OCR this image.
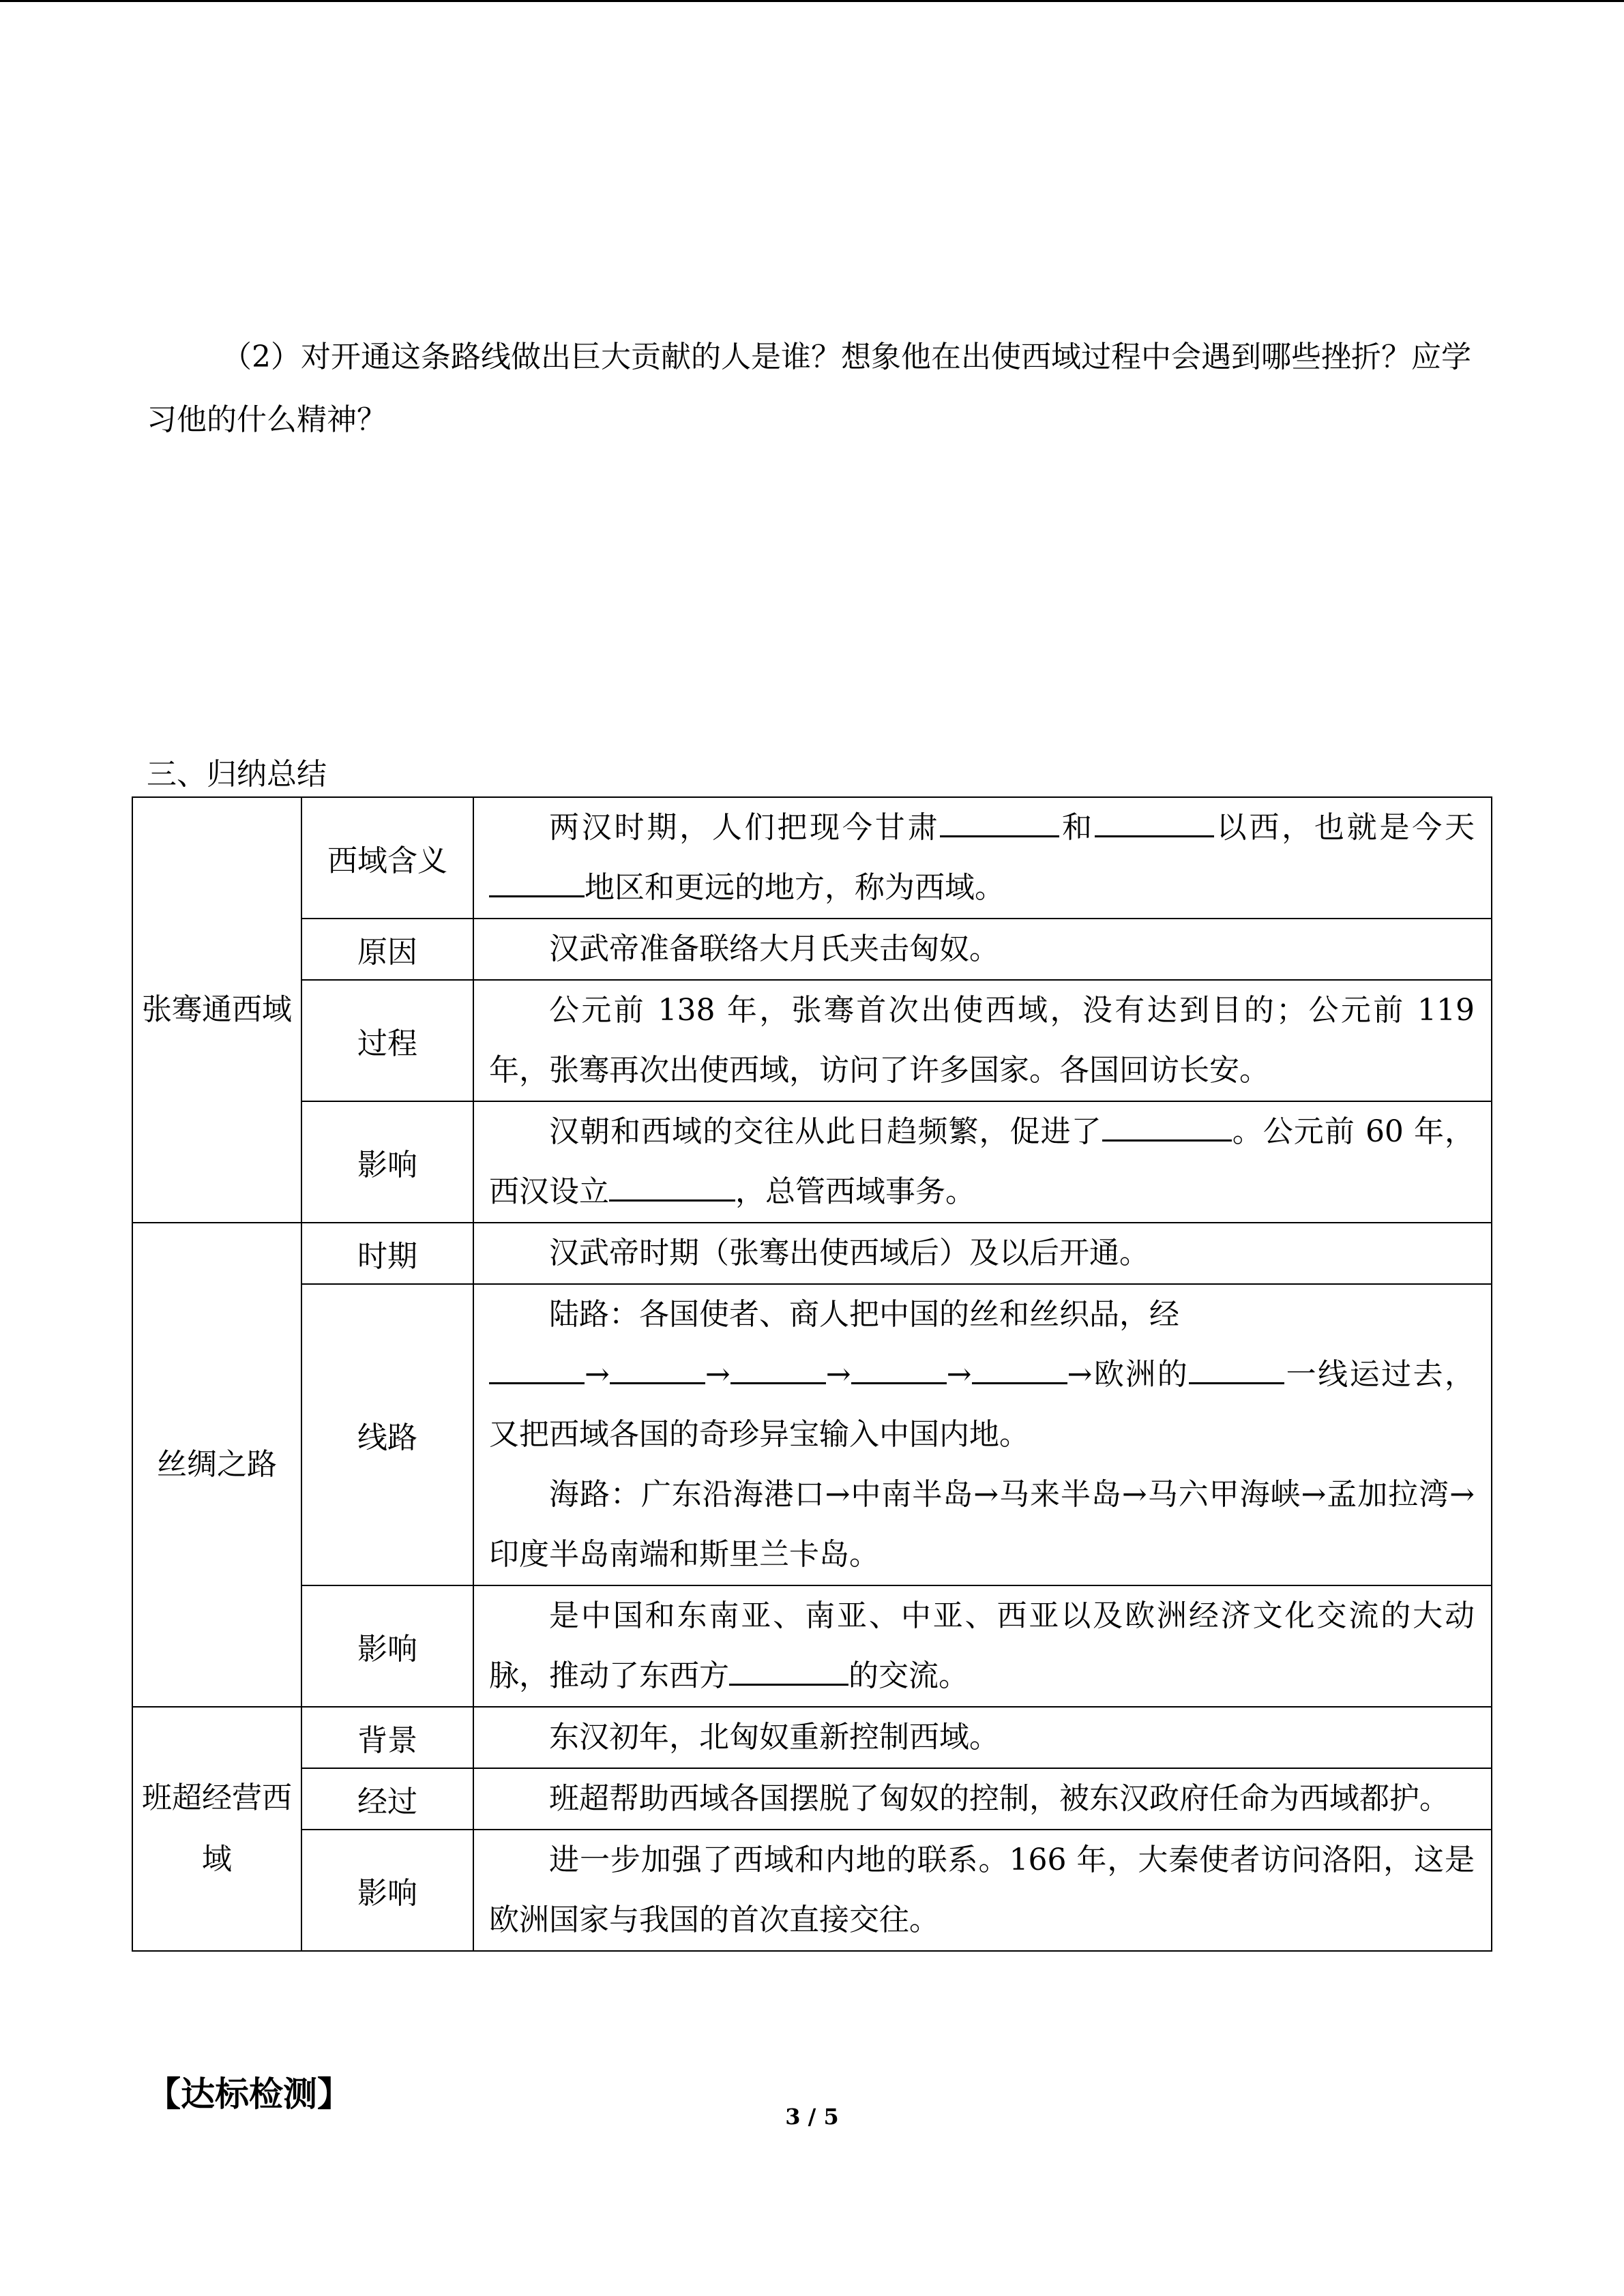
（2）对开通这条路线做出巨大贡献的人是谁？想象他在出使西域过程中会遇到哪些挫折？应学习他的什么精神？
三、归纳总结
张骞通西域	西域含义	两汉时期，人们把现今甘肃 和 以西，也就是今天地区和更远的地方，称为西域。

	原因	汉武帝准备联络大月氏夹击匈奴。

	过程	公元前 138 年，张骞首次出使西域，没有达到目的；公元前 119 年，张骞再次出使西域，访问了许多国家。各国回访长安。

	影响	汉朝和西域的交往从此日趋频繁，促进了 。公元前 60 年，西汉设立 ，总管西域事务。

丝绸之路	时期	汉武帝时期（张骞出使西域后）及以后开通。

	线路	陆路：各国使者、商人把中国的丝和丝织品，经

→ → → → →欧洲的 一线运过去，又把西域各国的奇珍异宝输入中国内地。

海路：广东沿海港口→中南半岛→马来半岛→马六甲海峡→孟加拉湾→印度半岛南端和斯里兰卡岛。

	影响	是中国和东南亚、南亚、中亚、西亚以及欧洲经济文化交流的大动脉，推动了东西方 的交流。

班超经营西域	背景	东汉初年，北匈奴重新控制西域。

	经过	班超帮助西域各国摆脱了匈奴的控制，被东汉政府任命为西域都护。

	影响	进一步加强了西域和内地的联系。166 年，大秦使者访问洛阳，这是欧洲国家与我国的首次直接交往。

【达标检测】
3 / 5
